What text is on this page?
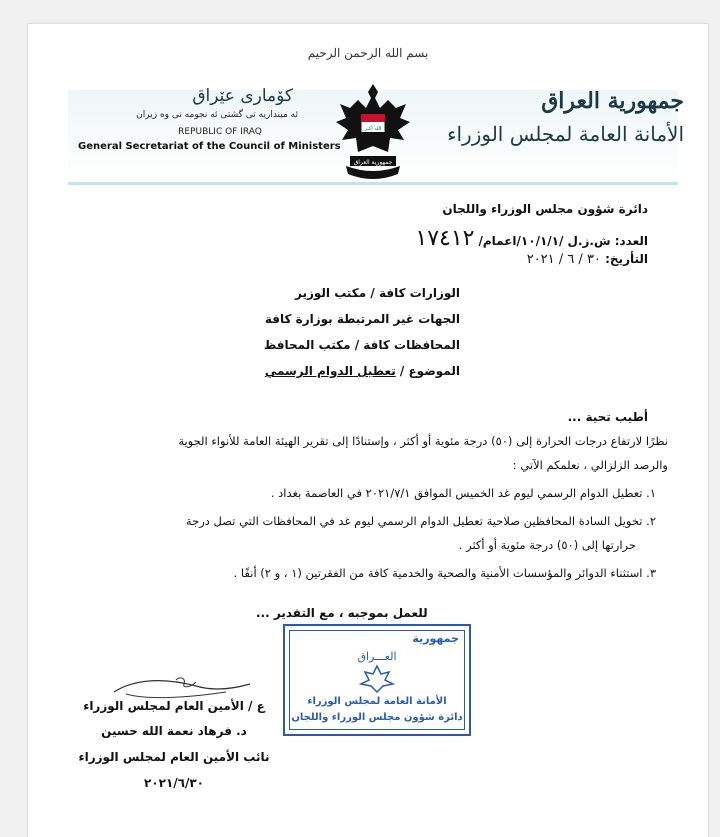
بسم الله الرحمن الرحيم
جمهورية العراق
الأمانة العامة لمجلس الوزراء
كۆماری عێراق
ئه مینداریه تی گشتی ئه نجومه نی وه زیران
REPUBLIC OF IRAQ
General Secretariat of the Council of Ministers
الله أكبر
جمهورية العراق
دائرة شؤون مجلس الوزراء واللجان
العدد: ش.ز.ل /١٠/١/١/اعمام/١٧٤١٢
التأريخ: ٣٠ / ٦ / ٢٠٢١
الوزارات كافة / مكتب الوزير
الجهات غير المرتبطة بوزارة كافة
المحافظات كافة / مكتب المحافظ
الموضوع / تعطيل الدوام الرسمي
أطيب تحية ...
نظرًا لارتفاع درجات الحرارة إلى (٥٠) درجة مئوية أو أكثر ، وإستنادًا إلى تقرير الهيئة العامة للأنواء الجوية
والرصد الزلزالي ، نعلمكم الآتي :
١. تعطيل الدوام الرسمي ليوم غد الخميس الموافق ٢٠٢١/٧/١ في العاصمة بغداد .
٢. تخويل السادة المحافظين صلاحية تعطيل الدوام الرسمي ليوم غد في المحافظات التي تصل درجة
حرارتها إلى (٥٠) درجة مئوية أو أكثر .
٣. استثناء الدوائر والمؤسسات الأمنية والصحية والخدمية كافة من الفقرتين (١ ، و ٢) أنفًا .
للعمل بموجبه ، مع التقدير ...
جمهورية
العـــراق
الأمانة العامة لمجلس الوزراء
دائرة شؤون مجلس الوزراء واللجان
ع / الأمين العام لمجلس الوزراء
د. فرهاد نعمة الله حسين
نائب الأمين العام لمجلس الوزراء
٢٠٢١/٦/٣٠
